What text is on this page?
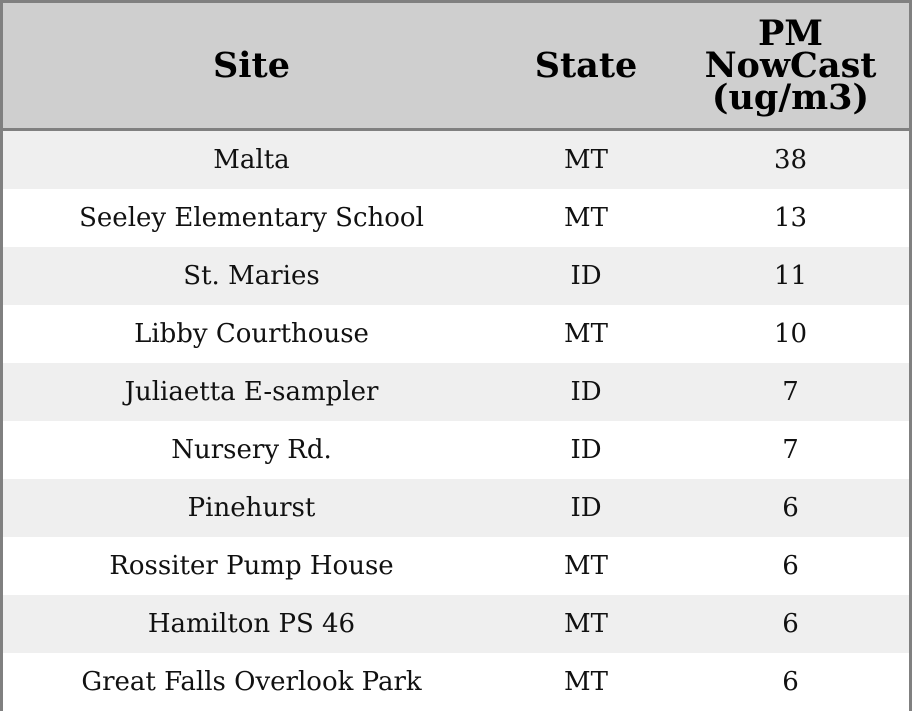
Site	State	PM
NowCast
(ug/m3)

Malta	MT	38
Seeley Elementary School	MT	13
St. Maries	ID	11
Libby Courthouse	MT	10
Juliaetta E-sampler	ID	7
Nursery Rd.	ID	7
Pinehurst	ID	6
Rossiter Pump House	MT	6
Hamilton PS 46	MT	6
Great Falls Overlook Park	MT	6
